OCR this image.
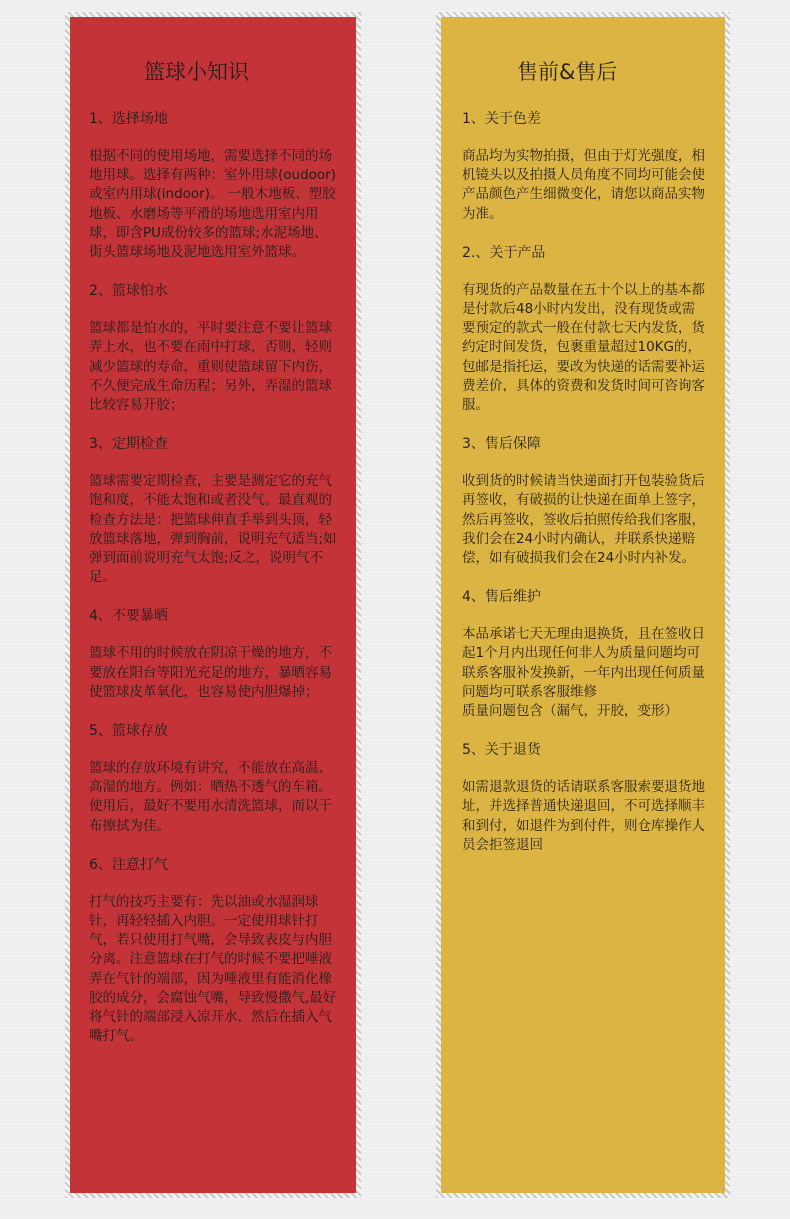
篮球小知识
1、选择场地
根据不同的使用场地，需要选择不同的场地用球。选择有两种：室外用球(oudoor)或室内用球(indoor)。 一般木地板、塑胶地板、水磨场等平滑的场地选用室内用球，即含PU成份较多的篮球;水泥场地、街头篮球场地及泥地选用室外篮球。
2、篮球怕水
篮球都是怕水的，平时要注意不要让篮球弄上水，也不要在雨中打球，否则，轻则减少篮球的寿命，重则使篮球留下内伤，不久便完成生命历程；另外，弄湿的篮球比较容易开胶；
3、定期检查
篮球需要定期检查，主要是测定它的充气饱和度，不能太饱和或者没气。最直观的检查方法是：把篮球伸直手举到头顶，轻放篮球落地，弹到胸前，说明充气适当;如弹到面前说明充气太饱;反之，说明气不足。
4、不要暴晒
篮球不用的时候放在阴凉干燥的地方，不要放在阳台等阳光充足的地方，暴晒容易使篮球皮革氧化，也容易使内胆爆掉；
5、篮球存放
篮球的存放环境有讲究，不能放在高温、高湿的地方。例如：晒热不透气的车箱。使用后，最好不要用水清洗篮球，而以干布擦拭为佳。
6、注意打气
打气的技巧主要有：先以油或水湿润球针，再轻轻插入内胆。一定使用球针打气，若只使用打气嘴，会导致表皮与内胆分离。注意篮球在打气的时候不要把唾液弄在气针的端部，因为唾液里有能消化橡胶的成分，会腐蚀气嘴，导致慢撒气,最好将气针的端部浸入凉开水，然后在插入气嘴打气。
售前&售后
1、关于色差
商品均为实物拍摄，但由于灯光强度，相机镜头以及拍摄人员角度不同均可能会使产品颜色产生细微变化，请您以商品实物为准。
2.、关于产品
有现货的产品数量在五十个以上的基本都是付款后48小时内发出，没有现货或需要预定的款式一般在付款七天内发货，货约定时间发货，包裹重量超过10KG的，包邮是指托运，要改为快递的话需要补运费差价，具体的资费和发货时间可咨询客服。
3、售后保障
收到货的时候请当快递面打开包装验货后再签收，有破损的让快递在面单上签字，然后再签收，签收后拍照传给我们客服，我们会在24小时内确认，并联系快递赔偿，如有破损我们会在24小时内补发。
4、售后维护
本品承诺七天无理由退换货，且在签收日起1个月内出现任何非人为质量问题均可联系客服补发换新，一年内出现任何质量问题均可联系客服维修
质量问题包含（漏气，开胶，变形）
5、关于退货
如需退款退货的话请联系客服索要退货地址，并选择普通快递退回，不可选择顺丰和到付，如退件为到付件，则仓库操作人员会拒签退回
